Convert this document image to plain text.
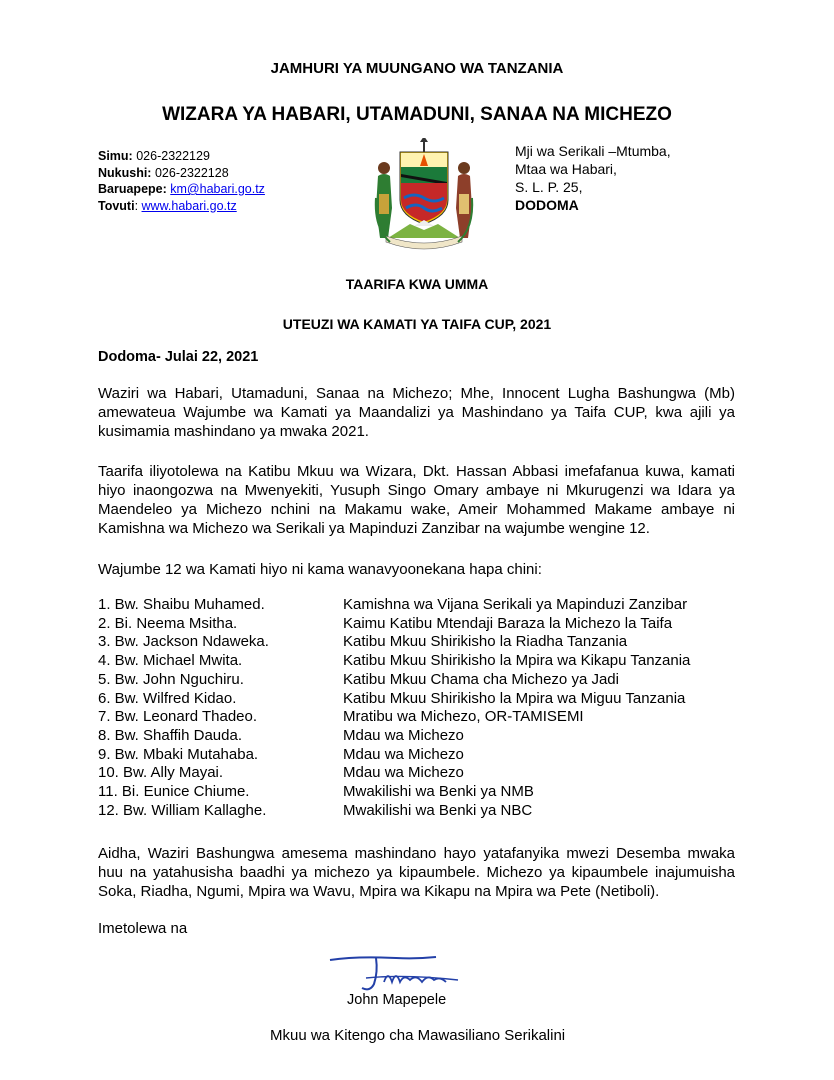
JAMHURI YA MUUNGANO WA TANZANIA
WIZARA YA HABARI, UTAMADUNI, SANAA NA MICHEZO
Simu: 026-2322129
Nukushi: 026-2322128
Baruapepe: km@habari.go.tz
Tovuti: www.habari.go.tz
Mji wa Serikali –Mtumba,
Mtaa wa Habari,
S. L. P. 25,
DODOMA
TAARIFA KWA UMMA
UTEUZI WA KAMATI YA TAIFA CUP, 2021
Dodoma- Julai 22, 2021
Waziri wa Habari, Utamaduni, Sanaa na Michezo; Mhe, Innocent Lugha Bashungwa (Mb) amewateua Wajumbe wa Kamati ya Maandalizi ya Mashindano ya Taifa CUP, kwa ajili ya kusimamia mashindano ya mwaka 2021.
Taarifa iliyotolewa na Katibu Mkuu wa Wizara, Dkt. Hassan Abbasi imefafanua kuwa, kamati hiyo inaongozwa na Mwenyekiti, Yusuph Singo Omary ambaye ni Mkurugenzi wa Idara ya Maendeleo ya Michezo nchini na Makamu wake, Ameir Mohammed Makame ambaye ni Kamishna wa Michezo wa Serikali ya Mapinduzi Zanzibar na wajumbe wengine 12.
Wajumbe 12 wa Kamati hiyo ni kama wanavyoonekana hapa chini:
1. Bw. Shaibu Muhamed.	Kamishna wa Vijana Serikali ya Mapinduzi Zanzibar
2. Bi. Neema Msitha.	Kaimu Katibu Mtendaji Baraza la Michezo la Taifa
3. Bw. Jackson Ndaweka.	Katibu Mkuu Shirikisho la Riadha Tanzania
4. Bw. Michael Mwita.	Katibu Mkuu Shirikisho la Mpira wa Kikapu Tanzania
5. Bw. John Nguchiru.	Katibu Mkuu Chama cha Michezo ya Jadi
6. Bw. Wilfred Kidao.	Katibu Mkuu Shirikisho la Mpira wa Miguu Tanzania
7. Bw. Leonard Thadeo.	Mratibu wa Michezo, OR-TAMISEMI
8. Bw. Shaffih Dauda.	Mdau wa Michezo
9. Bw. Mbaki Mutahaba.	Mdau wa Michezo
10. Bw. Ally Mayai.	Mdau wa Michezo
11. Bi. Eunice Chiume.	Mwakilishi wa Benki ya NMB
12. Bw. William Kallaghe.	Mwakilishi wa Benki ya NBC
Aidha, Waziri Bashungwa amesema mashindano hayo yatafanyika mwezi Desemba mwaka huu na yatahusisha baadhi ya michezo ya kipaumbele. Michezo ya kipaumbele inajumuisha Soka, Riadha, Ngumi, Mpira wa Wavu, Mpira wa Kikapu na Mpira wa Pete (Netiboli).
Imetolewa na
John Mapepele
Mkuu wa Kitengo cha Mawasiliano Serikalini
